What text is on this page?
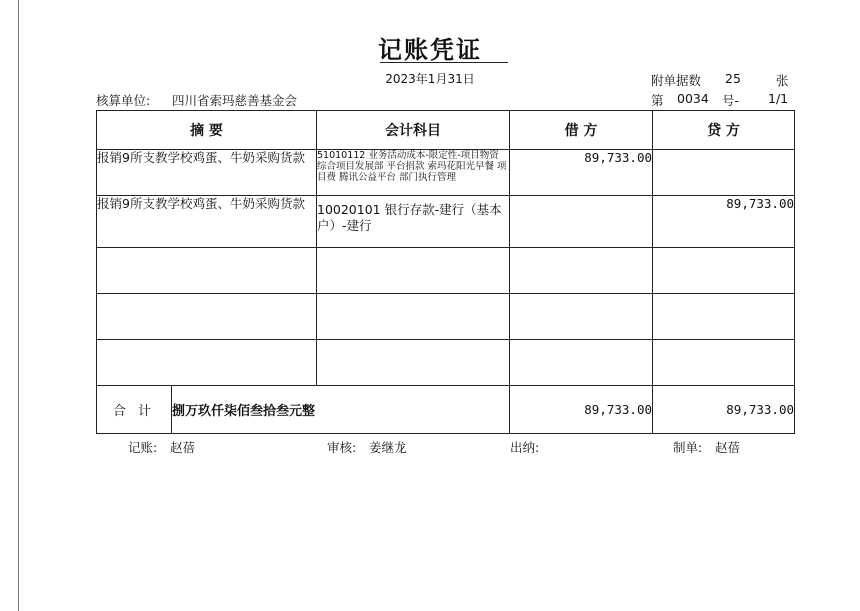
记账凭证
2023年1月31日	附单据数 25	张
核算单位: 四川省索玛慈善基金会	第 0034 号- 1/1
摘 要		会计科目	借 方	贷 方
报销9所支教学校鸡蛋、牛奶采购货款		51010112 业务活动成本-限定性-项目物资 综合项目发展部 平台捐款 索玛花阳光早餐 项目费 腾讯公益平台 部门执行管理	89,733.00	
报销9所支教学校鸡蛋、牛奶采购货款		10020101 银行存款-建行（基本户）-建行		89,733.00

合 计	捌万玖仟柒佰叁拾叁元整		89,733.00	89,733.00
记账: 赵蓓	审核: 姜继龙	出纳:	制单: 赵蓓
